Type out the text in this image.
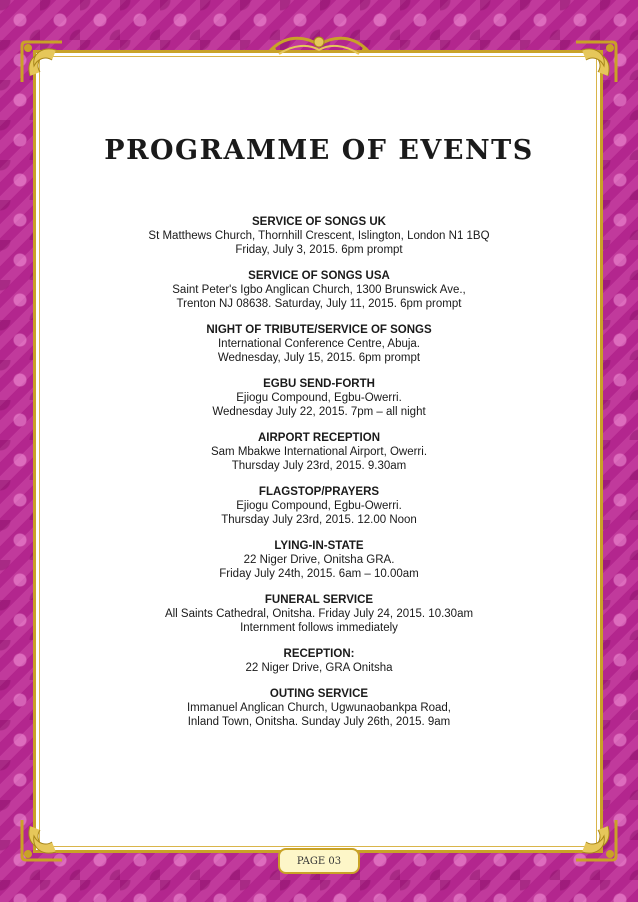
PROGRAMME OF EVENTS
SERVICE OF SONGS UK
St Matthews Church, Thornhill Crescent, Islington, London N1 1BQ
Friday, July 3, 2015. 6pm prompt
SERVICE OF SONGS USA
Saint Peter's Igbo Anglican Church, 1300 Brunswick Ave.,
Trenton NJ 08638. Saturday, July 11, 2015. 6pm prompt
NIGHT OF TRIBUTE/SERVICE OF SONGS
International Conference Centre, Abuja.
Wednesday, July 15, 2015. 6pm prompt
EGBU SEND-FORTH
Ejiogu Compound, Egbu-Owerri.
Wednesday July 22, 2015. 7pm – all night
AIRPORT RECEPTION
Sam Mbakwe International Airport, Owerri.
Thursday July 23rd, 2015. 9.30am
FLAGSTOP/PRAYERS
Ejiogu Compound, Egbu-Owerri.
Thursday July 23rd, 2015. 12.00 Noon
LYING-IN-STATE
22 Niger Drive, Onitsha GRA.
Friday July 24th, 2015. 6am – 10.00am
FUNERAL SERVICE
All Saints Cathedral, Onitsha. Friday July 24, 2015. 10.30am
Internment follows immediately
RECEPTION:
22 Niger Drive, GRA Onitsha
OUTING SERVICE
Immanuel Anglican Church, Ugwunaobankpa Road,
Inland Town, Onitsha. Sunday July 26th, 2015. 9am
PAGE 03
